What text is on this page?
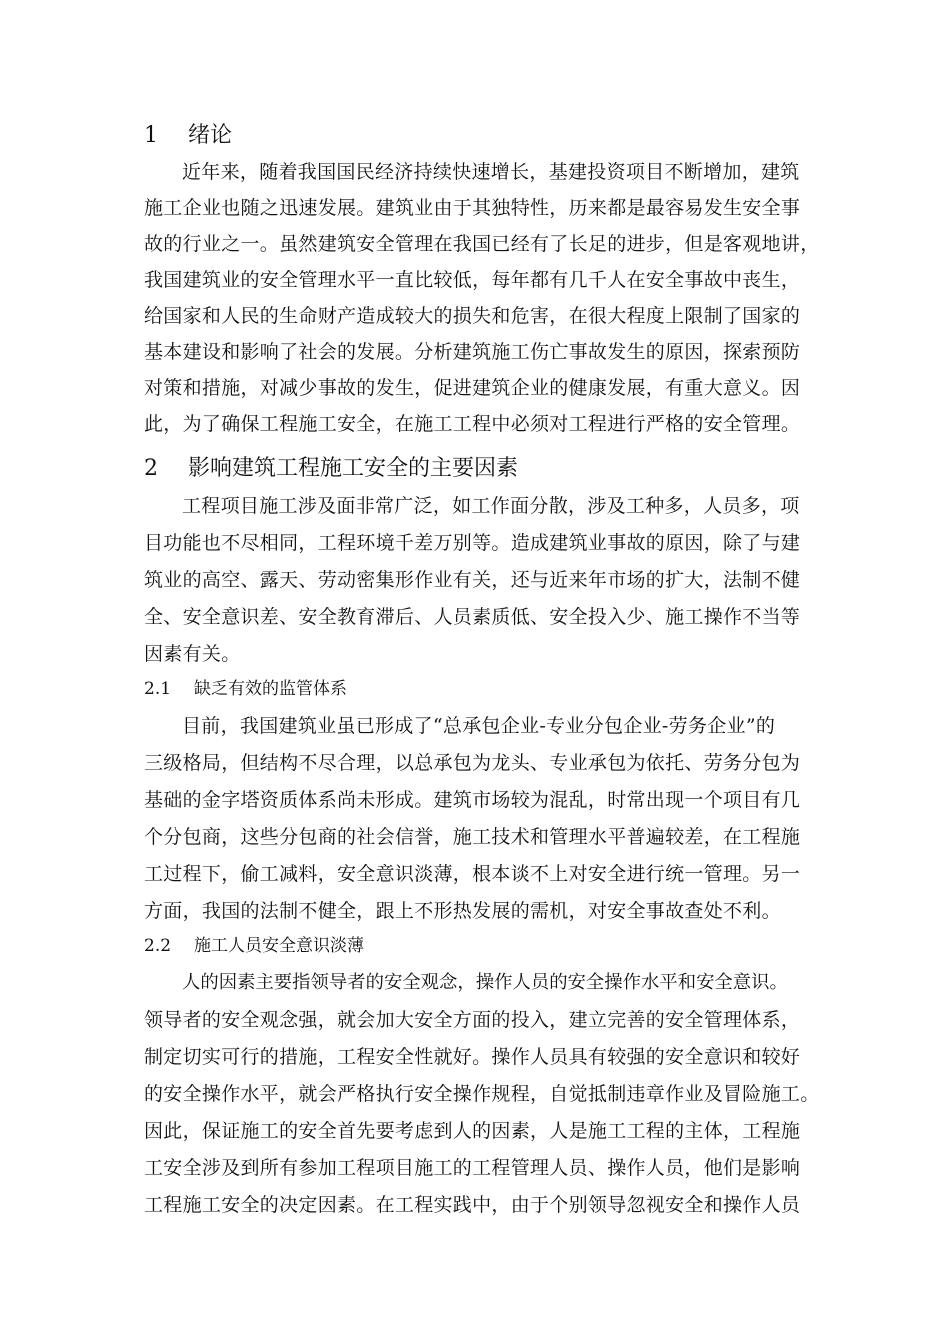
1 绪论
近年来，随着我国国民经济持续快速增长，基建投资项目不断增加，建筑
施工企业也随之迅速发展。建筑业由于其独特性，历来都是最容易发生安全事
故的行业之一。虽然建筑安全管理在我国已经有了长足的进步，但是客观地讲，
我国建筑业的安全管理水平一直比较低，每年都有几千人在安全事故中丧生，
给国家和人民的生命财产造成较大的损失和危害，在很大程度上限制了国家的
基本建设和影响了社会的发展。分析建筑施工伤亡事故发生的原因，探索预防
对策和措施，对减少事故的发生，促进建筑企业的健康发展，有重大意义。因
此，为了确保工程施工安全，在施工工程中必须对工程进行严格的安全管理。
2 影响建筑工程施工安全的主要因素
工程项目施工涉及面非常广泛，如工作面分散，涉及工种多，人员多，项
目功能也不尽相同，工程环境千差万别等。造成建筑业事故的原因，除了与建
筑业的高空、露天、劳动密集形作业有关，还与近来年市场的扩大，法制不健
全、安全意识差、安全教育滞后、人员素质低、安全投入少、施工操作不当等
因素有关。
2.1 缺乏有效的监管体系
目前，我国建筑业虽已形成了“总承包企业-专业分包企业-劳务企业”的
三级格局，但结构不尽合理，以总承包为龙头、专业承包为依托、劳务分包为
基础的金字塔资质体系尚未形成。建筑市场较为混乱，时常出现一个项目有几
个分包商，这些分包商的社会信誉，施工技术和管理水平普遍较差，在工程施
工过程下，偷工减料，安全意识淡薄，根本谈不上对安全进行统一管理。另一
方面，我国的法制不健全，跟上不形热发展的需机，对安全事故查处不利。
2.2 施工人员安全意识淡薄
人的因素主要指领导者的安全观念，操作人员的安全操作水平和安全意识。
领导者的安全观念强，就会加大安全方面的投入，建立完善的安全管理体系，
制定切实可行的措施，工程安全性就好。操作人员具有较强的安全意识和较好
的安全操作水平，就会严格执行安全操作规程，自觉抵制违章作业及冒险施工。
因此，保证施工的安全首先要考虑到人的因素，人是施工工程的主体，工程施
工安全涉及到所有参加工程项目施工的工程管理人员、操作人员，他们是影响
工程施工安全的决定因素。在工程实践中，由于个别领导忽视安全和操作人员
